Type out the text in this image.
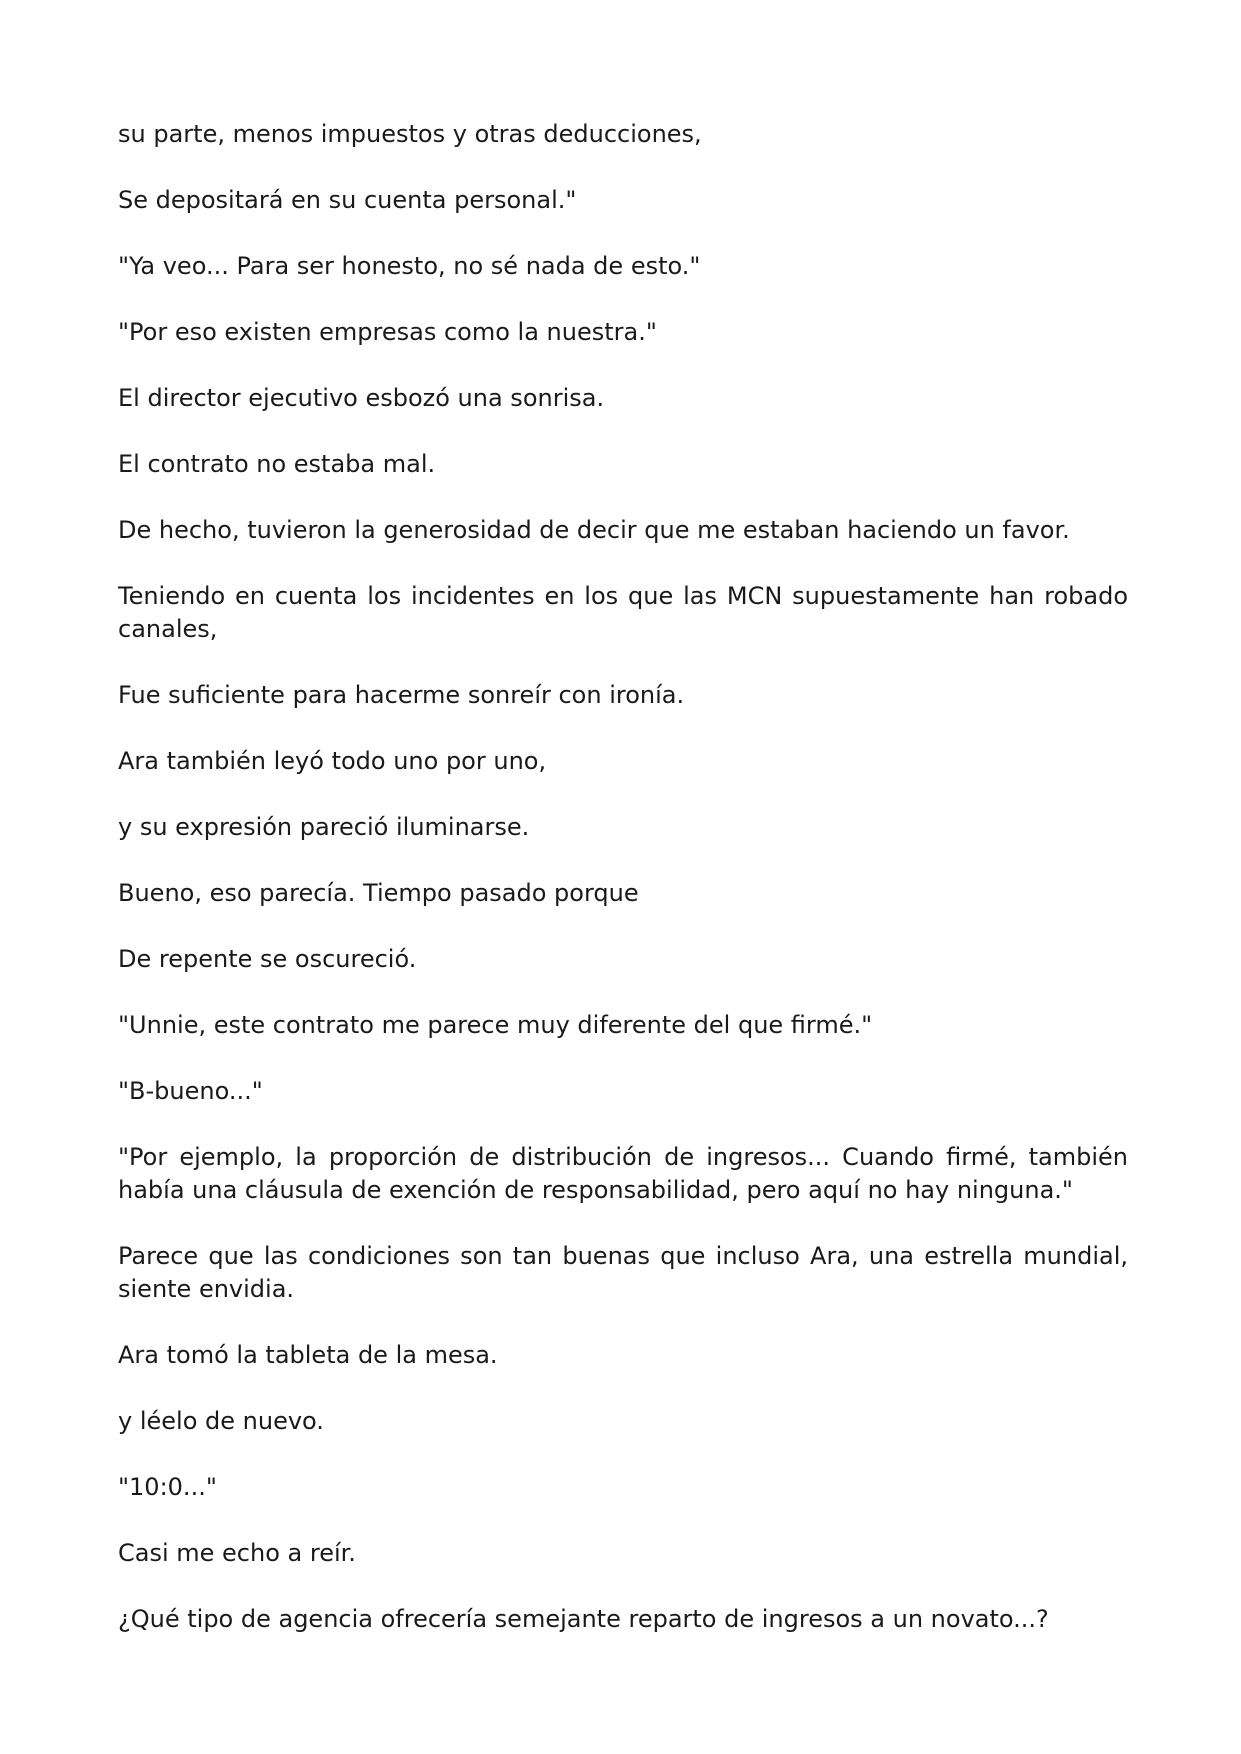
su parte, menos impuestos y otras deducciones,

Se depositará en su cuenta personal."

"Ya veo... Para ser honesto, no sé nada de esto."

"Por eso existen empresas como la nuestra."

El director ejecutivo esbozó una sonrisa.

El contrato no estaba mal.

De hecho, tuvieron la generosidad de decir que me estaban haciendo un favor.

Teniendo en cuenta los incidentes en los que las MCN supuestamente han robado canales,

Fue suficiente para hacerme sonreír con ironía.

Ara también leyó todo uno por uno,

y su expresión pareció iluminarse.

Bueno, eso parecía. Tiempo pasado porque

De repente se oscureció.

"Unnie, este contrato me parece muy diferente del que firmé."

"B-bueno..."

"Por ejemplo, la proporción de distribución de ingresos... Cuando firmé, también había una cláusula de exención de responsabilidad, pero aquí no hay ninguna."

Parece que las condiciones son tan buenas que incluso Ara, una estrella mundial, siente envidia.

Ara tomó la tableta de la mesa.

y léelo de nuevo.

"10:0..."

Casi me echo a reír.

¿Qué tipo de agencia ofrecería semejante reparto de ingresos a un novato...?
